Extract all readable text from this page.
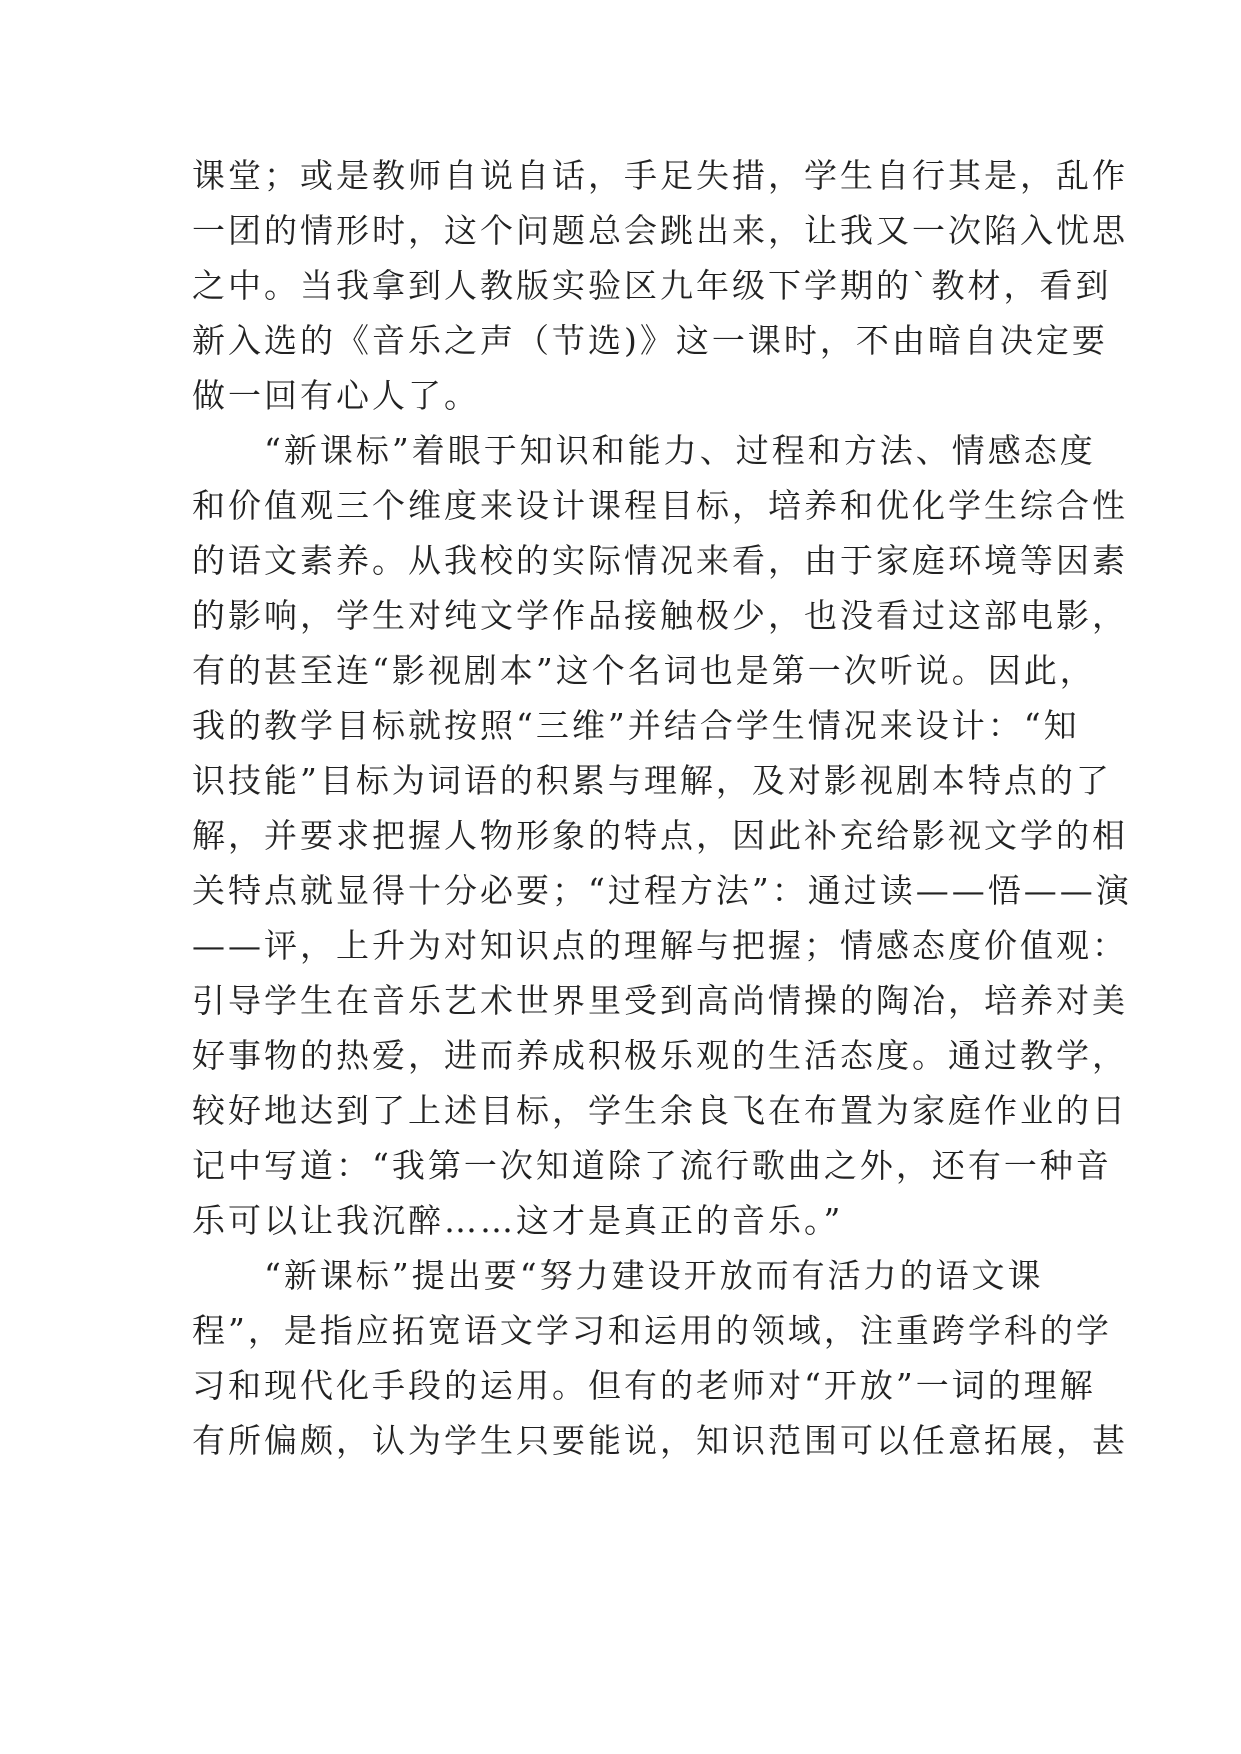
课堂；或是教师自说自话，手足失措，学生自行其是，乱作
一团的情形时，这个问题总会跳出来，让我又一次陷入忧思
之中。当我拿到人教版实验区九年级下学期的`教材，看到
新入选的《音乐之声（节选)》这一课时，不由暗自决定要
做一回有心人了。
　　“新课标”着眼于知识和能力、过程和方法、情感态度
和价值观三个维度来设计课程目标，培养和优化学生综合性
的语文素养。从我校的实际情况来看，由于家庭环境等因素
的影响，学生对纯文学作品接触极少，也没看过这部电影，
有的甚至连“影视剧本”这个名词也是第一次听说。因此，
我的教学目标就按照“三维”并结合学生情况来设计：“知
识技能”目标为词语的积累与理解，及对影视剧本特点的了
解，并要求把握人物形象的特点，因此补充给影视文学的相
关特点就显得十分必要；“过程方法”：通过读——悟——演
——评，上升为对知识点的理解与把握；情感态度价值观：
引导学生在音乐艺术世界里受到高尚情操的陶冶，培养对美
好事物的热爱，进而养成积极乐观的生活态度。通过教学，
较好地达到了上述目标，学生余良飞在布置为家庭作业的日
记中写道：“我第一次知道除了流行歌曲之外，还有一种音
乐可以让我沉醉……这才是真正的音乐。”
　　“新课标”提出要“努力建设开放而有活力的语文课
程”，是指应拓宽语文学习和运用的领域，注重跨学科的学
习和现代化手段的运用。但有的老师对“开放”一词的理解
有所偏颇，认为学生只要能说，知识范围可以任意拓展，甚
